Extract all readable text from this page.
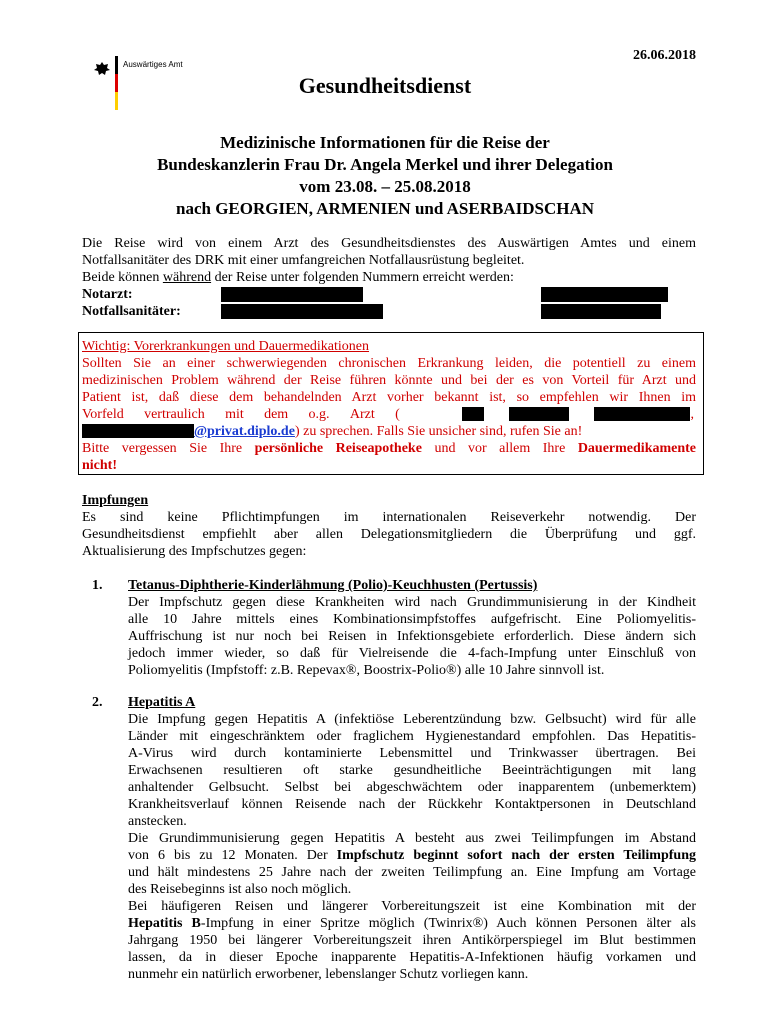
26.06.2018
Auswärtiges Amt
Gesundheitsdienst
Medizinische Informationen für die Reise der
Bundeskanzlerin Frau Dr. Angela Merkel und ihrer Delegation
vom 23.08. – 25.08.2018
nach GEORGIEN, ARMENIEN und ASERBAIDSCHAN
Die Reise wird von einem Arzt des Gesundheitsdienstes des Auswärtigen Amtes und einem
Notfallsanitäter des DRK mit einer umfangreichen Notfallausrüstung begleitet.
Beide können während der Reise unter folgenden Nummern erreicht werden:
Notarzt:
Notfallsanitäter:
Wichtig: Vorerkrankungen und Dauermedikationen
Sollten Sie an einer schwerwiegenden chronischen Erkrankung leiden, die potentiell zu einem
medizinischen Problem während der Reise führen könnte und bei der es von Vorteil für Arzt und
Patient ist, daß diese dem behandelnden Arzt vorher bekannt ist, so empfehlen wir Ihnen im
Vorfeld vertraulich mit dem o.g. Arzt (	,
@privat.diplo.de) zu sprechen. Falls Sie unsicher sind, rufen Sie an!
Bitte vergessen Sie Ihre persönliche Reiseapotheke und vor allem Ihre Dauermedikamente
nicht!
Impfungen
Es sind keine Pflichtimpfungen im internationalen Reiseverkehr notwendig. Der
Gesundheitsdienst empfiehlt aber allen Delegationsmitgliedern die Überprüfung und ggf.
Aktualisierung des Impfschutzes gegen:
1.	Tetanus-Diphtherie-Kinderlähmung (Polio)-Keuchhusten (Pertussis)
Der Impfschutz gegen diese Krankheiten wird nach Grundimmunisierung in der Kindheit
alle 10 Jahre mittels eines Kombinationsimpfstoffes aufgefrischt. Eine Poliomyelitis-
Auffrischung ist nur noch bei Reisen in Infektionsgebiete erforderlich. Diese ändern sich
jedoch immer wieder, so daß für Vielreisende die 4-fach-Impfung unter Einschluß von
Poliomyelitis (Impfstoff: z.B. Repevax®, Boostrix-Polio®) alle 10 Jahre sinnvoll ist.
2.	Hepatitis A
Die Impfung gegen Hepatitis A (infektiöse Leberentzündung bzw. Gelbsucht) wird für alle
Länder mit eingeschränktem oder fraglichem Hygienestandard empfohlen. Das Hepatitis-
A-Virus wird durch kontaminierte Lebensmittel und Trinkwasser übertragen. Bei
Erwachsenen resultieren oft starke gesundheitliche Beeinträchtigungen mit lang
anhaltender Gelbsucht. Selbst bei abgeschwächtem oder inapparentem (unbemerktem)
Krankheitsverlauf können Reisende nach der Rückkehr Kontaktpersonen in Deutschland
anstecken.
Die Grundimmunisierung gegen Hepatitis A besteht aus zwei Teilimpfungen im Abstand
von 6 bis zu 12 Monaten. Der Impfschutz beginnt sofort nach der ersten Teilimpfung
und hält mindestens 25 Jahre nach der zweiten Teilimpfung an. Eine Impfung am Vortage
des Reisebeginns ist also noch möglich.
Bei häufigeren Reisen und längerer Vorbereitungszeit ist eine Kombination mit der
Hepatitis B-Impfung in einer Spritze möglich (Twinrix®) Auch können Personen älter als
Jahrgang 1950 bei längerer Vorbereitungszeit ihren Antikörperspiegel im Blut bestimmen
lassen, da in dieser Epoche inapparente Hepatitis-A-Infektionen häufig vorkamen und
nunmehr ein natürlich erworbener, lebenslanger Schutz vorliegen kann.
